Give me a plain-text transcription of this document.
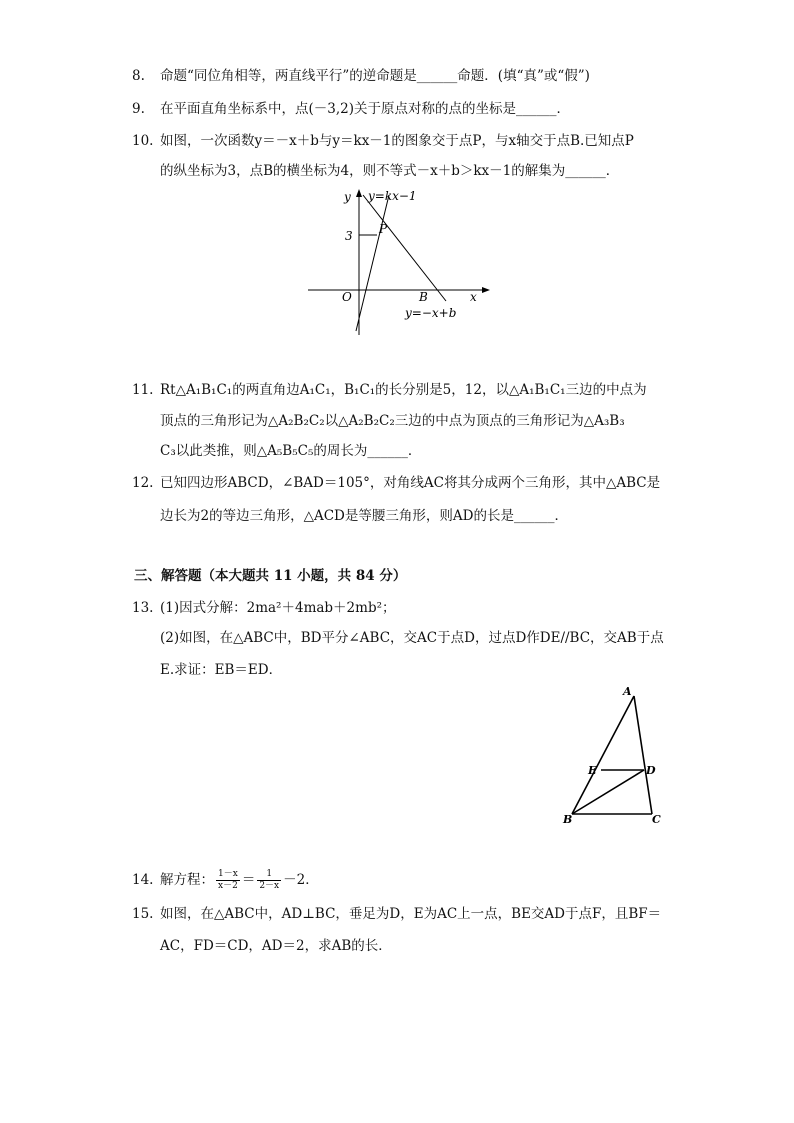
8.	命题“同位角相等，两直线平行”的逆命题是______命题．(填“真”或“假”)
9.	在平面直角坐标系中，点(－3,2)关于原点对称的点的坐标是______．
10. 如图，一次函数y＝－x＋b与y＝kx－1的图象交于点P，与x轴交于点B.已知点P
的纵坐标为3，点B的横坐标为4，则不等式－x＋b＞kx－1的解集为______．
3 P
y y=kx−1
O	B	x
y=−x+b
11. Rt△A₁B₁C₁的两直角边A₁C₁，B₁C₁的长分别是5，12，以△A₁B₁C₁三边的中点为
顶点的三角形记为△A₂B₂C₂以△A₂B₂C₂三边的中点为顶点的三角形记为△A₃B₃
C₃以此类推，则△A₅B₅C₅的周长为______．
12. 已知四边形ABCD，∠BAD＝105°，对角线AC将其分成两个三角形，其中△ABC是
边长为2的等边三角形，△ACD是等腰三角形，则AD的长是______．
三、解答题（本大题共 11 小题，共 84 分）
13. (1)因式分解：2ma²＋4mab＋2mb²；
(2)如图，在△ABC中，BD平分∠ABC，交AC于点D，过点D作DE//BC，交AB于点
E.求证：EB＝ED．
A
E	D
B	C
14. 解方程： $\frac{1-x}{x-2} = \frac{1}{2-x} -2$．
15. 如图，在△ABC中，AD⊥BC，垂足为D，E为AC上一点，BE交AD于点F，且BF＝
AC，FD＝CD，AD＝2，求AB的长．
